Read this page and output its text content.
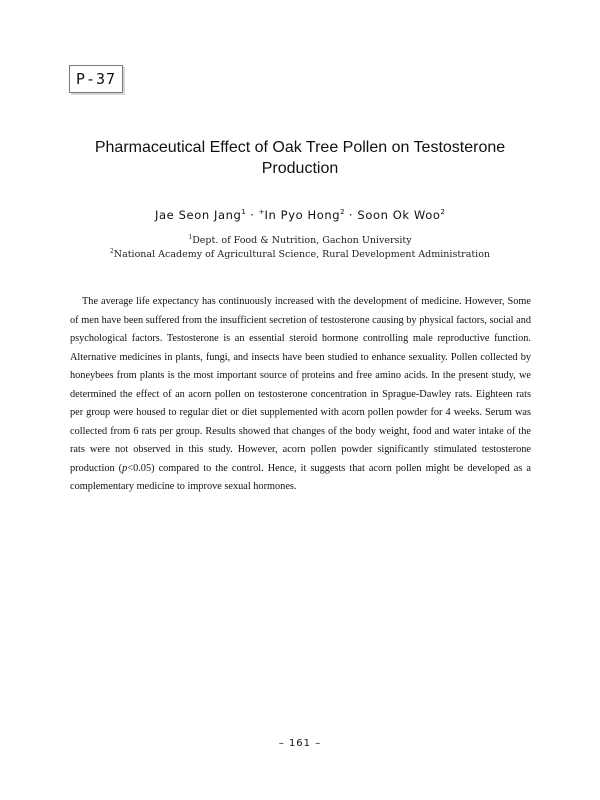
P-37
Pharmaceutical Effect of Oak Tree Pollen on Testosterone
Production
Jae Seon Jang$^1$ · +In Pyo Hong$^2$ · Soon Ok Woo$^2$
$^1$Dept. of Food & Nutrition, Gachon University
$^2$National Academy of Agricultural Science, Rural Development Administration

The average life expectancy has continuously increased with the development of medicine. However, Some of men have been suffered from the insufficient secretion of testosterone causing by physical factors, social and psychological factors. Testosterone is an essential steroid hormone controlling male reproductive function. Alternative medicines in plants, fungi, and insects have been studied to enhance sexuality. Pollen collected by honeybees from plants is the most important source of proteins and free amino acids. In the present study, we determined the effect of an acorn pollen on testosterone concentration in Sprague-Dawley rats. Eighteen rats per group were housed to regular diet or diet supplemented with acorn pollen powder for 4 weeks. Serum was collected from 6 rats per group. Results showed that changes of the body weight, food and water intake of the rats were not observed in this study. However, acorn pollen powder significantly stimulated testosterone production (p<0.05) compared to the control. Hence, it suggests that acorn pollen might be developed as a complementary medicine to improve sexual hormones.

– 161 –
